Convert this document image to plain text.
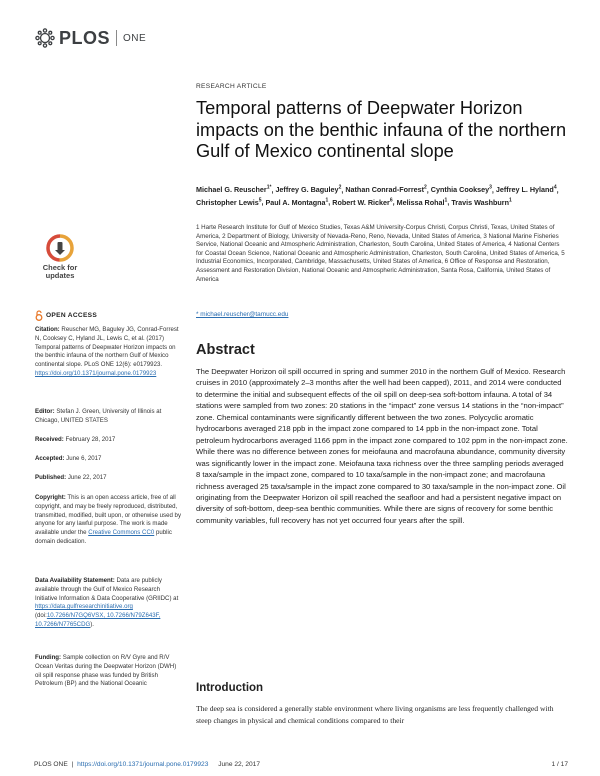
PLOS ONE
Check for
updates
OPEN ACCESS
Citation: Reuscher MG, Baguley JG, Conrad-Forrest N, Cooksey C, Hyland JL, Lewis C, et al. (2017) Temporal patterns of Deepwater Horizon impacts on the benthic infauna of the northern Gulf of Mexico continental slope. PLoS ONE 12(6): e0179923. https://doi.org/10.1371/journal.pone.0179923
Editor: Stefan J. Green, University of Illinois at Chicago, UNITED STATES
Received: February 28, 2017
Accepted: June 6, 2017
Published: June 22, 2017
Copyright: This is an open access article, free of all copyright, and may be freely reproduced, distributed, transmitted, modified, built upon, or otherwise used by anyone for any lawful purpose. The work is made available under the Creative Commons CC0 public domain dedication.
Data Availability Statement: Data are publicly available through the Gulf of Mexico Research Initiative Information & Data Cooperative (GRIIDC) at https://data.gulfresearchinitiative.org (doi:10.7266/N7GQ6VSX, 10.7266/N79Z643F, 10.7266/N7765CDG).
Funding: Sample collection on R/V Gyre and R/V Ocean Veritas during the Deepwater Horizon (DWH) oil spill response phase was funded by British Petroleum (BP) and the National Oceanic
RESEARCH ARTICLE
Temporal patterns of Deepwater Horizon impacts on the benthic infauna of the northern Gulf of Mexico continental slope
Michael G. Reuscher$^{1*}$, Jeffrey G. Baguley$^2$, Nathan Conrad-Forrest$^2$, Cynthia Cooksey$^3$, Jeffrey L. Hyland$^4$, Christopher Lewis$^5$, Paul A. Montagna$^1$, Robert W. Ricker$^6$, Melissa Rohal$^1$, Travis Washburn$^1$
1 Harte Research Institute for Gulf of Mexico Studies, Texas A&M University-Corpus Christi, Corpus Christi, Texas, United States of America, 2 Department of Biology, University of Nevada-Reno, Reno, Nevada, United States of America, 3 National Marine Fisheries Service, National Oceanic and Atmospheric Administration, Charleston, South Carolina, United States of America, 4 National Centers for Coastal Ocean Science, National Oceanic and Atmospheric Administration, Charleston, South Carolina, United States of America, 5 Industrial Economics, Incorporated, Cambridge, Massachusetts, United States of America, 6 Office of Response and Restoration, Assessment and Restoration Division, National Oceanic and Atmospheric Administration, Santa Rosa, California, United States of America
* michael.reuscher@tamucc.edu
Abstract

The Deepwater Horizon oil spill occurred in spring and summer 2010 in the northern Gulf of Mexico. Research cruises in 2010 (approximately 2–3 months after the well had been capped), 2011, and 2014 were conducted to determine the initial and subsequent effects of the oil spill on deep-sea soft-bottom infauna. A total of 34 stations were sampled from two zones: 20 stations in the “impact” zone versus 14 stations in the “non-impact” zone. Chemical contaminants were significantly different between the two zones. Polycyclic aromatic hydrocarbons averaged 218 ppb in the impact zone compared to 14 ppb in the non-impact zone. Total petroleum hydrocarbons averaged 1166 ppm in the impact zone compared to 102 ppm in the non-impact zone. While there was no difference between zones for meiofauna and macrofauna abundance, community diversity was significantly lower in the impact zone. Meiofauna taxa richness over the three sampling periods averaged 8 taxa/sample in the impact zone, compared to 10 taxa/sample in the non-impact zone; and macrofauna richness averaged 25 taxa/sample in the impact zone compared to 30 taxa/sample in the non-impact zone. Oil originating from the Deepwater Horizon oil spill reached the seafloor and had a persistent negative impact on diversity of soft-bottom, deep-sea benthic communities. While there are signs of recovery for some benthic community variables, full recovery has not yet occurred four years after the spill.

Introduction

The deep sea is considered a generally stable environment where living organisms are less frequently challenged with steep changes in physical and chemical conditions compared to their

PLOS ONE | https://doi.org/10.1371/journal.pone.0179923 June 22, 2017	1 / 17
